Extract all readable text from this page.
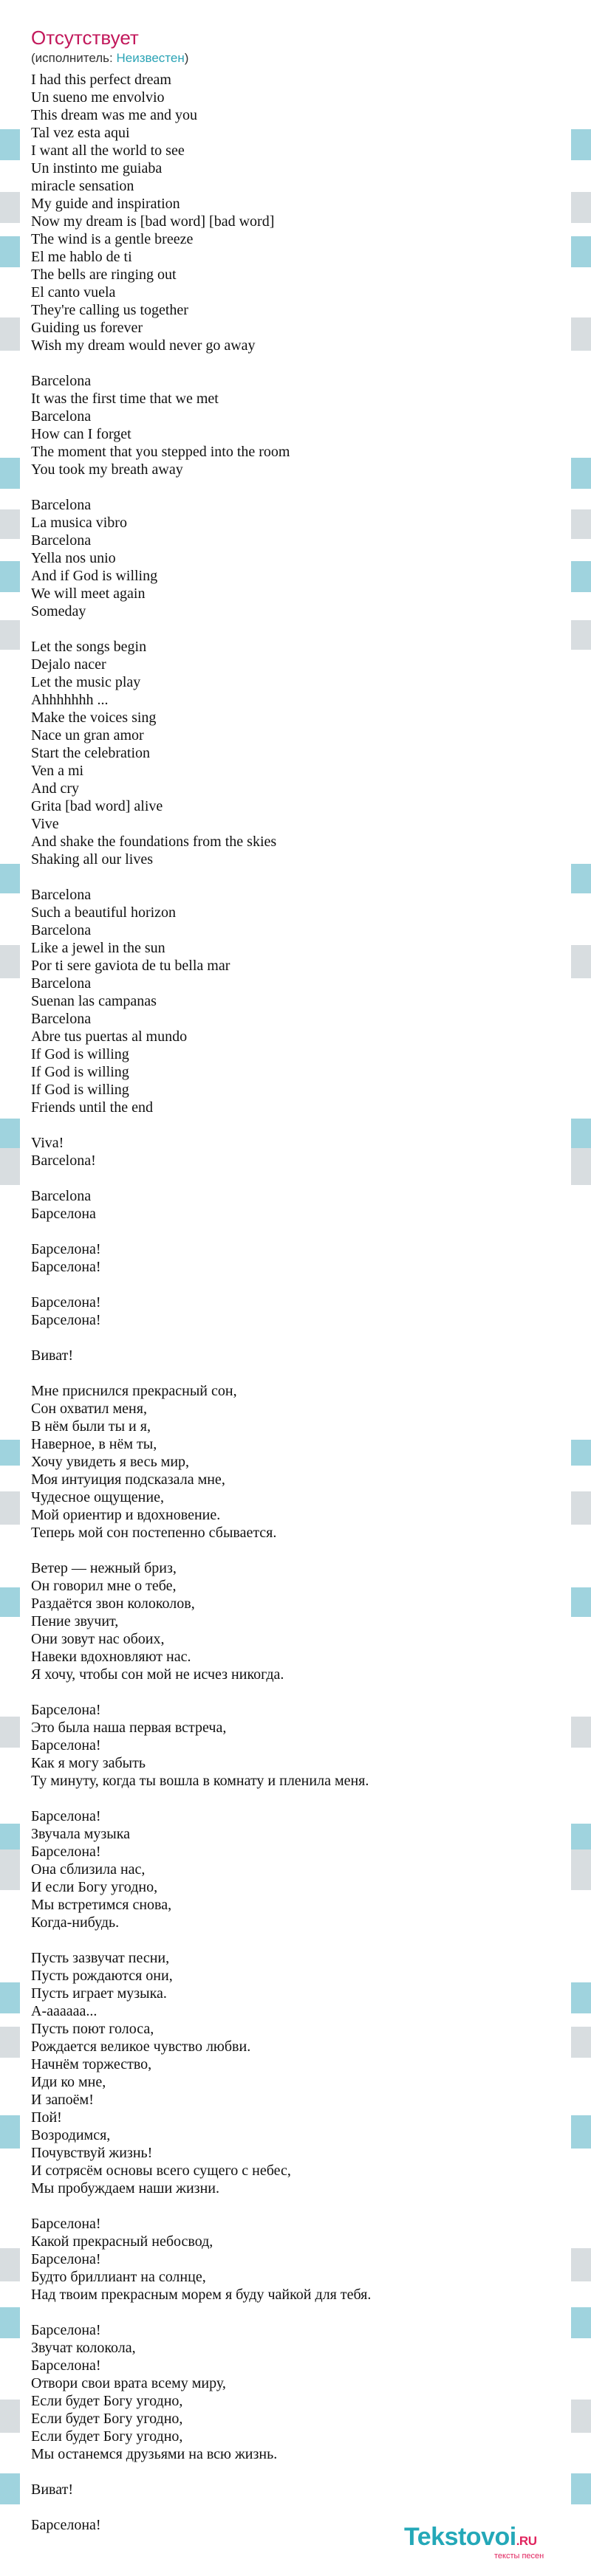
Отсутствует
(исполнитель: Неизвестен)
I had this perfect dream
Un sueno me envolvio
This dream was me and you
Tal vez esta aqui
I want all the world to see
Un instinto me guiaba
miracle sensation
My guide and inspiration
Now my dream is [bad word] [bad word]
The wind is a gentle breeze
El me hablo de ti
The bells are ringing out
El canto vuela
They're calling us together
Guiding us forever
Wish my dream would never go away
Barcelona
It was the first time that we met
Barcelona
How can I forget
The moment that you stepped into the room
You took my breath away
Barcelona
La musica vibro
Barcelona
Yella nos unio
And if God is willing
We will meet again
Someday
Let the songs begin
Dejalo nacer
Let the music play
Ahhhhhhh ...
Make the voices sing
Nace un gran amor
Start the celebration
Ven a mi
And cry
Grita [bad word] alive
Vive
And shake the foundations from the skies
Shaking all our lives
Barcelona
Such a beautiful horizon
Barcelona
Like a jewel in the sun
Por ti sere gaviota de tu bella mar
Barcelona
Suenan las campanas
Barcelona
Abre tus puertas al mundo
If God is willing
If God is willing
If God is willing
Friends until the end
Viva!
Barcelona!
Barcelona
Барселона
Барселона!
Барселона!
Барселона!
Барселона!
Виват!
Мне приснился прекрасный сон,
Сон охватил меня,
В нём были ты и я,
Наверное, в нём ты,
Хочу увидеть я весь мир,
Моя интуиция подсказала мне,
Чудесное ощущение,
Мой ориентир и вдохновение.
Теперь мой сон постепенно сбывается.
Ветер — нежный бриз,
Он говорил мне о тебе,
Раздаётся звон колоколов,
Пение звучит,
Они зовут нас обоих,
Навеки вдохновляют нас.
Я хочу, чтобы сон мой не исчез никогда.
Барселона!
Это была наша первая встреча,
Барселона!
Как я могу забыть
Ту минуту, когда ты вошла в комнату и пленила меня.
Барселона!
Звучала музыка
Барселона!
Она сблизила нас,
И если Богу угодно,
Мы встретимся снова,
Когда-нибудь.
Пусть зазвучат песни,
Пусть рождаются они,
Пусть играет музыка.
А-аааааа...
Пусть поют голоса,
Рождается великое чувство любви.
Начнём торжество,
Иди ко мне,
И запоём!
Пой!
Возродимся,
Почувствуй жизнь!
И сотрясём основы всего сущего с небес,
Мы пробуждаем наши жизни.
Барселона!
Какой прекрасный небосвод,
Барселона!
Будто бриллиант на солнце,
Над твоим прекрасным морем я буду чайкой для тебя.
Барселона!
Звучат колокола,
Барселона!
Отвори свои врата всему миру,
Если будет Богу угодно,
Если будет Богу угодно,
Если будет Богу угодно,
Мы останемся друзьями на всю жизнь.
Виват!
Барселона!	Tekstovoi.RU
тексты песен
